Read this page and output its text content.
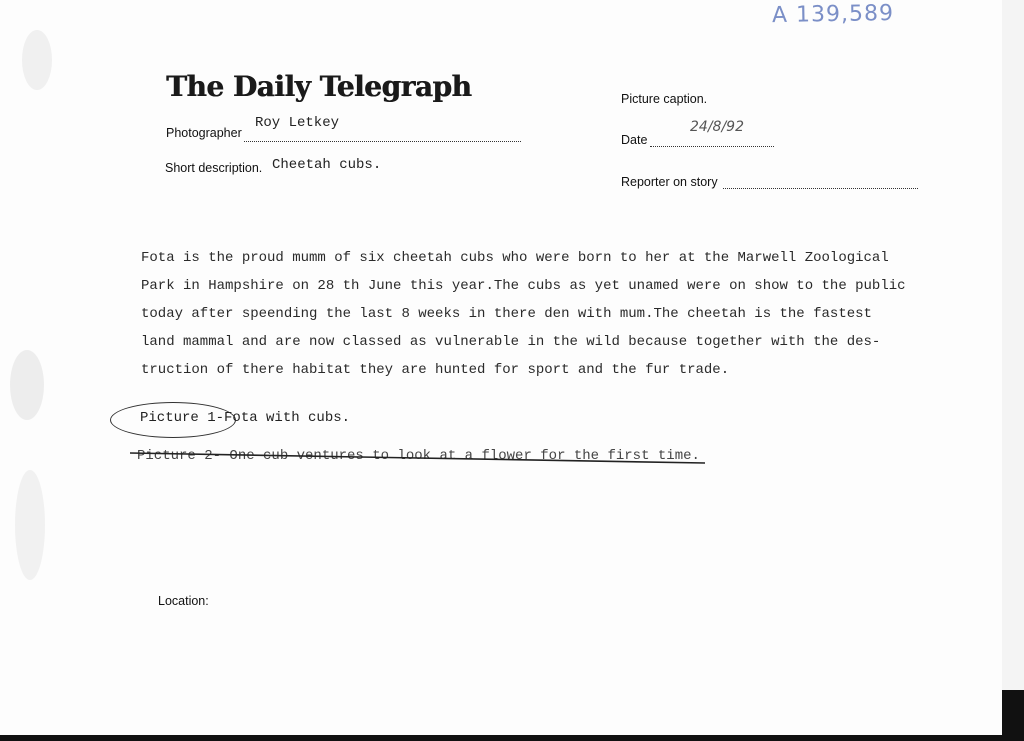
A 139,589
The Daily Telegraph
Photographer
Roy Letkey
Short description. Cheetah cubs.
Picture caption.
Date
24/8/92
Reporter on story
Fota is the proud mumm of six cheetah cubs who were born to her at the Marwell Zoological
Park in Hampshire on 28 th June this year.The cubs as yet unamed were on show to the public
today after speending the last 8 weeks in there den with mum.The cheetah is the fastest
land mammal and are now classed as vulnerable in the wild because together with the des-
truction of there habitat they are hunted for sport and the fur trade.
Picture 1-Fota with cubs.
Picture 2- One cub ventures to look at a flower for the first time.
Location:
